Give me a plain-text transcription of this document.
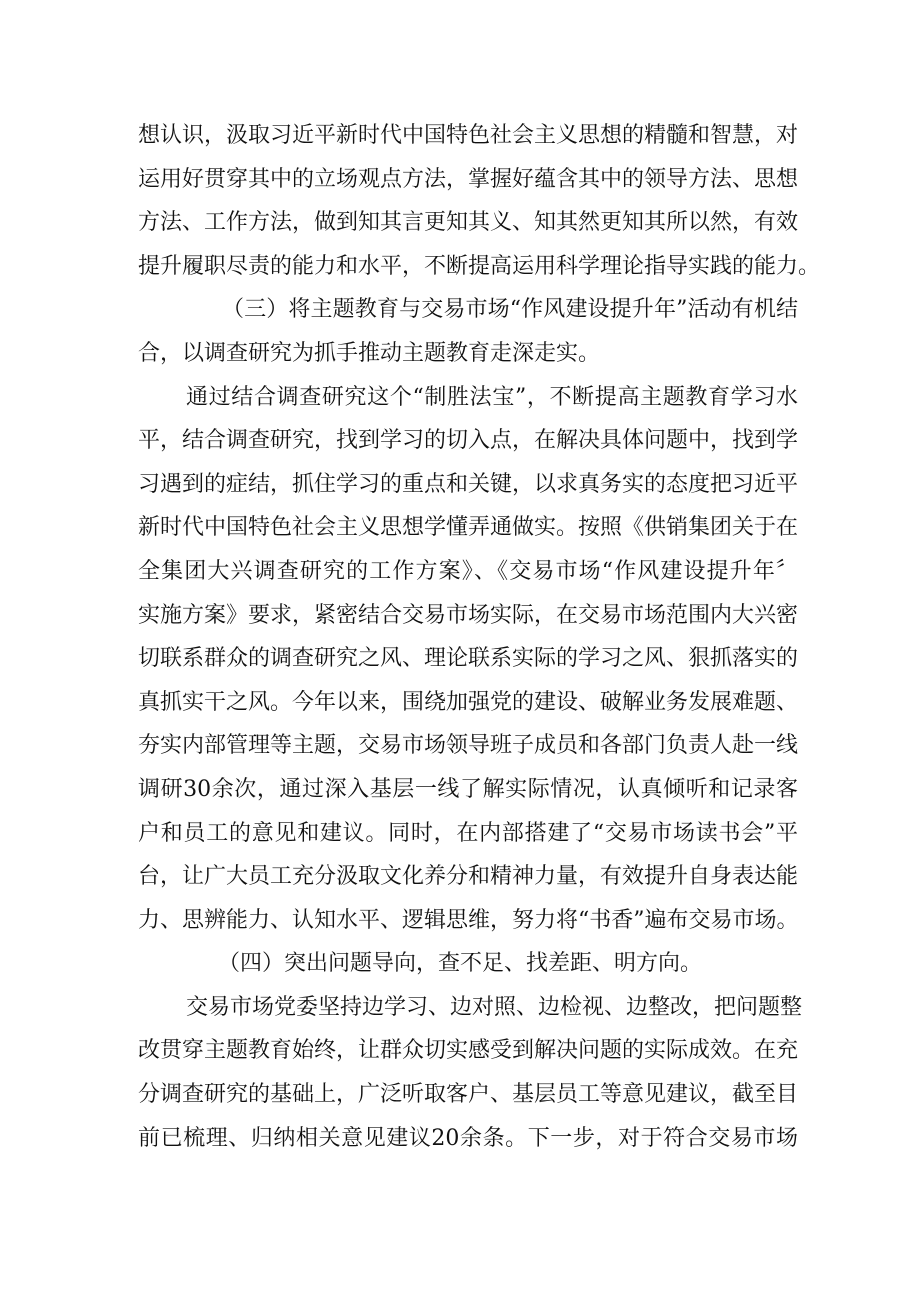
想认识，汲取习近平新时代中国特色社会主义思想的精髓和智慧，对
运用好贯穿其中的立场观点方法，掌握好蕴含其中的领导方法、思想
方法、工作方法，做到知其言更知其义、知其然更知其所以然，有效
提升履职尽责的能力和水平，不断提高运用科学理论指导实践的能力。
（三）将主题教育与交易市场“作风建设提升年”活动有机结
合，以调查研究为抓手推动主题教育走深走实。
通过结合调查研究这个“制胜法宝”，不断提高主题教育学习水
平，结合调查研究，找到学习的切入点，在解决具体问题中，找到学
习遇到的症结，抓住学习的重点和关键，以求真务实的态度把习近平
新时代中国特色社会主义思想学懂弄通做实。按照《供销集团关于在
全集团大兴调查研究的工作方案》、《交易市场“作风建设提升年〞
实施方案》要求，紧密结合交易市场实际，在交易市场范围内大兴密
切联系群众的调查研究之风、理论联系实际的学习之风、狠抓落实的
真抓实干之风。今年以来，围绕加强党的建设、破解业务发展难题、
夯实内部管理等主题，交易市场领导班子成员和各部门负责人赴一线
调研30余次，通过深入基层一线了解实际情况，认真倾听和记录客
户和员工的意见和建议。同时，在内部搭建了“交易市场读书会”平
台，让广大员工充分汲取文化养分和精神力量，有效提升自身表达能
力、思辨能力、认知水平、逻辑思维，努力将“书香”遍布交易市场。
（四）突出问题导向，查不足、找差距、明方向。
交易市场党委坚持边学习、边对照、边检视、边整改，把问题整
改贯穿主题教育始终，让群众切实感受到解决问题的实际成效。在充
分调查研究的基础上，广泛听取客户、基层员工等意见建议，截至目
前已梳理、归纳相关意见建议20余条。下一步，对于符合交易市场
